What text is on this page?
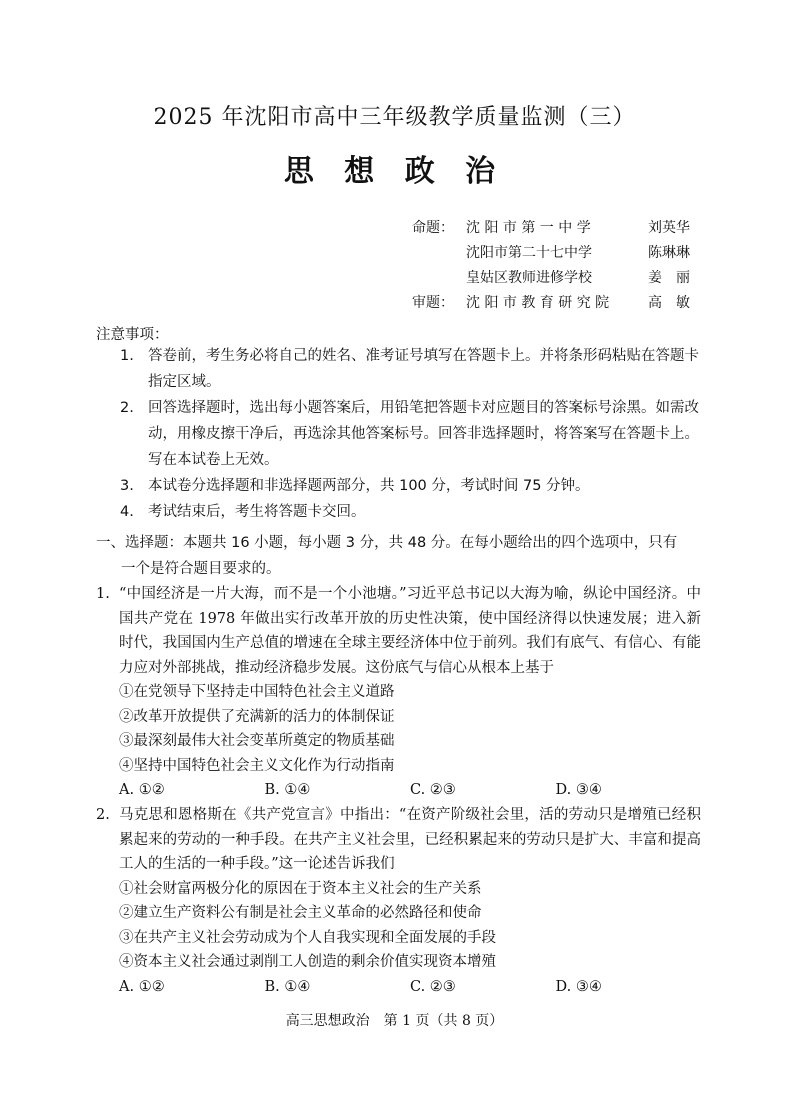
2025 年沈阳市高中三年级教学质量监测（三）
思 想 政 治
命题： 沈 阳 市 第 一 中 学	刘英华
沈阳市第二十七中学	陈琳琳
皇姑区教师进修学校	姜　丽
审题： 沈 阳 市 教 育 研 究 院	高　敏
注意事项：
1. 答卷前，考生务必将自己的姓名、准考证号填写在答题卡上。并将条形码粘贴在答题卡指定区域。
2. 回答选择题时，选出每小题答案后，用铅笔把答题卡对应题目的答案标号涂黑。如需改动，用橡皮擦干净后，再选涂其他答案标号。回答非选择题时，将答案写在答题卡上。写在本试卷上无效。
3. 本试卷分选择题和非选择题两部分，共 100 分，考试时间 75 分钟。
4. 考试结束后，考生将答题卡交回。
一、选择题：本题共 16 小题，每小题 3 分，共 48 分。在每小题给出的四个选项中，只有
一个是符合题目要求的。
1. “中国经济是一片大海，而不是一个小池塘。”习近平总书记以大海为喻，纵论中国经济。中国共产党在 1978 年做出实行改革开放的历史性决策，使中国经济得以快速发展；进入新时代，我国国内生产总值的增速在全球主要经济体中位于前列。我们有底气、有信心、有能力应对外部挑战，推动经济稳步发展。这份底气与信心从根本上基于
①在党领导下坚持走中国特色社会主义道路
②改革开放提供了充满新的活力的体制保证
③最深刻最伟大社会变革所奠定的物质基础
④坚持中国特色社会主义文化作为行动指南
A. ①②	B. ①④	C. ②③	D. ③④
2. 马克思和恩格斯在《共产党宣言》中指出：“在资产阶级社会里，活的劳动只是增殖已经积累起来的劳动的一种手段。在共产主义社会里，已经积累起来的劳动只是扩大、丰富和提高工人的生活的一种手段。”这一论述告诉我们
①社会财富两极分化的原因在于资本主义社会的生产关系
②建立生产资料公有制是社会主义革命的必然路径和使命
③在共产主义社会劳动成为个人自我实现和全面发展的手段
④资本主义社会通过剥削工人创造的剩余价值实现资本增殖
A. ①②	B. ①④	C. ②③	D. ③④
高三思想政治　第 1 页（共 8 页）
